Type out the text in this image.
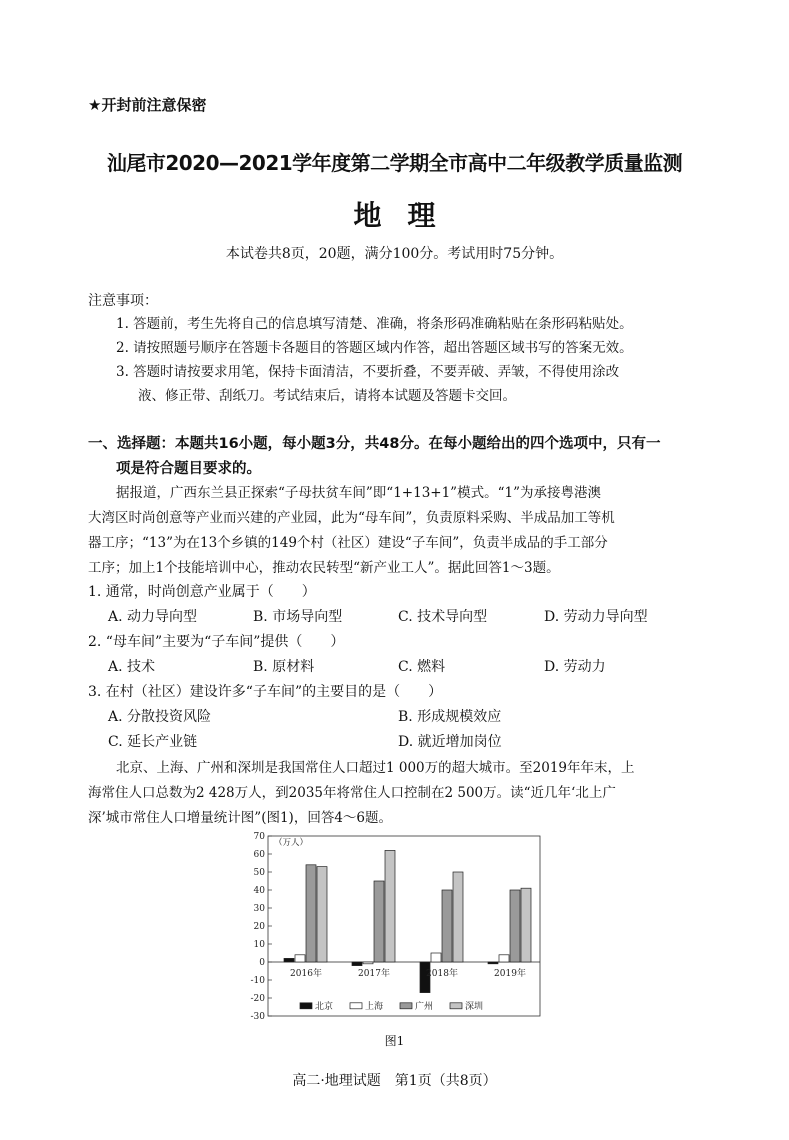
★开封前注意保密
汕尾市2020—2021学年度第二学期全市高中二年级教学质量监测
地理
本试卷共8页，20题，满分100分。考试用时75分钟。
注意事项：
1. 答题前，考生先将自己的信息填写清楚、准确，将条形码准确粘贴在条形码粘贴处。
2. 请按照题号顺序在答题卡各题目的答题区域内作答，超出答题区域书写的答案无效。
3. 答题时请按要求用笔，保持卡面清洁，不要折叠，不要弄破、弄皱，不得使用涂改
液、修正带、刮纸刀。考试结束后，请将本试题及答题卡交回。
一、选择题：本题共16小题，每小题3分，共48分。在每小题给出的四个选项中，只有一
项是符合题目要求的。
据报道，广西东兰县正探索“子母扶贫车间”即“1+13+1”模式。“1”为承接粤港澳
大湾区时尚创意等产业而兴建的产业园，此为“母车间”，负责原料采购、半成品加工等机
器工序；“13”为在13个乡镇的149个村（社区）建设“子车间”，负责半成品的手工部分
工序；加上1个技能培训中心，推动农民转型“新产业工人”。据此回答1～3题。
1. 通常，时尚创意产业属于（　　）
A. 动力导向型	B. 市场导向型	C. 技术导向型	D. 劳动力导向型
2. “母车间”主要为“子车间”提供（　　）
A. 技术	B. 原材料	C. 燃料	D. 劳动力
3. 在村（社区）建设许多“子车间”的主要目的是（　　）
A. 分散投资风险	B. 形成规模效应
C. 延长产业链	D. 就近增加岗位
北京、上海、广州和深圳是我国常住人口超过1 000万的超大城市。至2019年年末，上
海常住人口总数为2 428万人，到2035年将常住人口控制在2 500万。读“近几年‘北上广
深’城市常住人口增量统计图”(图1)，回答4～6题。
70
60
50
40
30
20
10
0
-10
-20
-30
（万人）
2016年	2017年	2018年	2019年
北京	上海	广州	深圳
图1
高二·地理试题　第1页（共8页）
